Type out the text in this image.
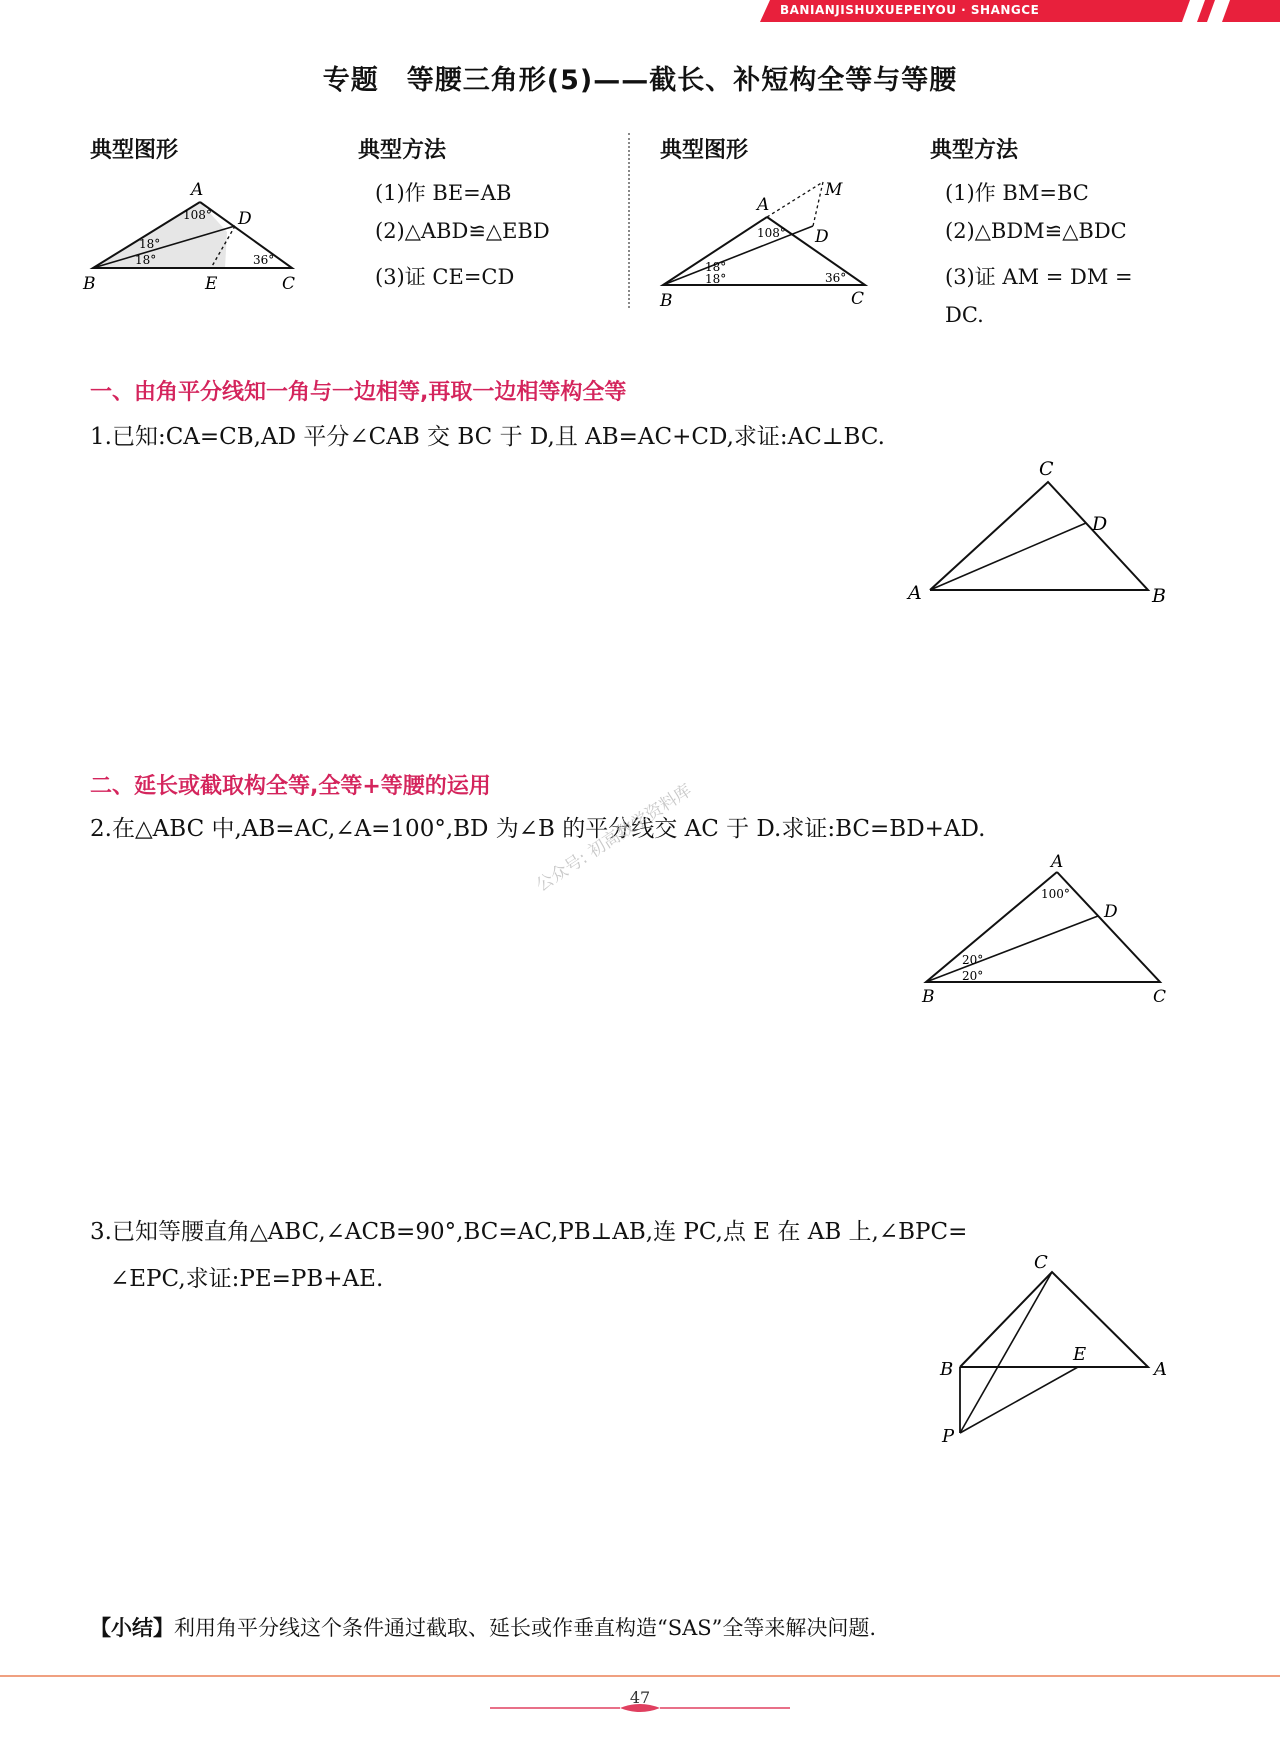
BANIANJISHUXUEPEIYOU · SHANGCE
专题　等腰三角形(5)——截长、补短构全等与等腰
典型图形	典型方法
(1)作 BE=AB
(2)△ABD≌△EBD
(3)证 CE=CD
A
B	C
D
E
108°
18°
18°	36°
典型图形	典型方法
(1)作 BM=BC
(2)△BDM≌△BDC
(3)证 AM = DM =
DC.
A
B	C
D
M
108°
18°
18°	36°
一、由角平分线知一角与一边相等,再取一边相等构全等
1.已知:CA=CB,AD 平分∠CAB 交 BC 于 D,且 AB=AC+CD,求证:AC⊥BC.
C
D
A	B
二、延长或截取构全等,全等+等腰的运用
2.在△ABC 中,AB=AC,∠A=100°,BD 为∠B 的平分线交 AC 于 D.求证:BC=BD+AD.
公众号: 初高数学资料库	A
D
B	C
100°
20°
20°
3.已知等腰直角△ABC,∠ACB=90°,BC=AC,PB⊥AB,连 PC,点 E 在 AB 上,∠BPC=
∠EPC,求证:PE=PB+AE.
C
B
E
A
P
【小结】利用角平分线这个条件通过截取、延长或作垂直构造“SAS”全等来解决问题.
47
